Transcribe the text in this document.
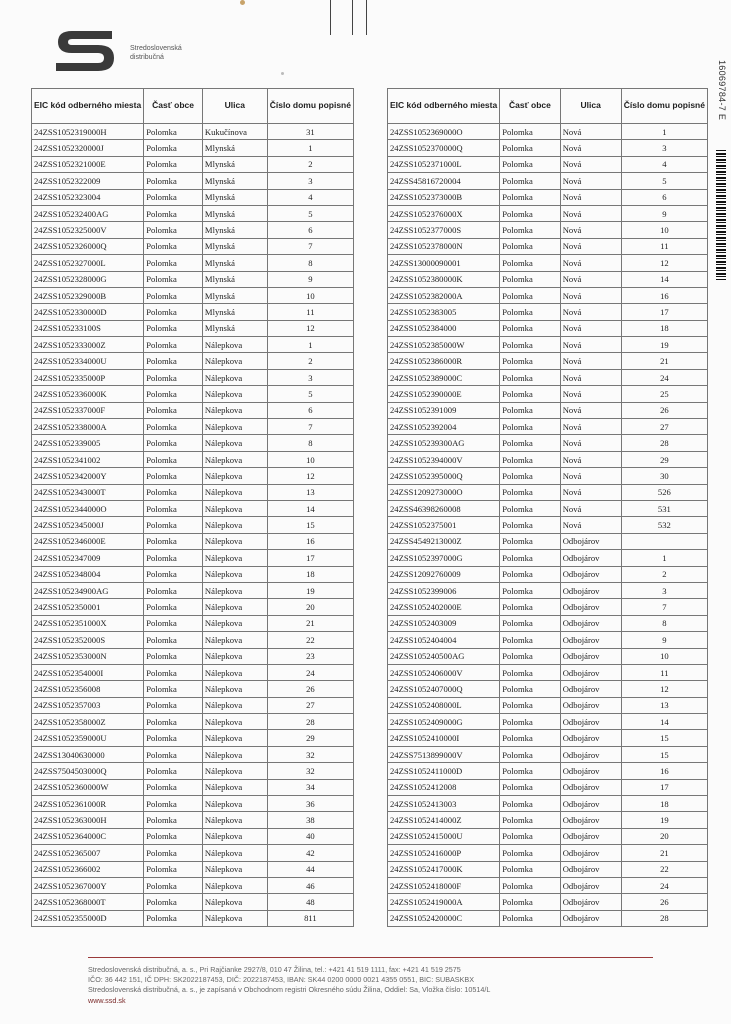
Stredoslovenská
distribučná
16069784-7 E
EIC kód odberného miesta	Časť obce	Ulica	Číslo domu popisné
24ZSS1052319000H	Polomka	Kukučínova	31
24ZSS1052320000J	Polomka	Mlynská	1
24ZSS1052321000E	Polomka	Mlynská	2
24ZSS1052322009	Polomka	Mlynská	3
24ZSS1052323004	Polomka	Mlynská	4
24ZSS105232400AG	Polomka	Mlynská	5
24ZSS1052325000V	Polomka	Mlynská	6
24ZSS1052326000Q	Polomka	Mlynská	7
24ZSS1052327000L	Polomka	Mlynská	8
24ZSS1052328000G	Polomka	Mlynská	9
24ZSS1052329000B	Polomka	Mlynská	10
24ZSS1052330000D	Polomka	Mlynská	11
24ZSS105233100S	Polomka	Mlynská	12
24ZSS1052333000Z	Polomka	Nálepkova	1
24ZSS1052334000U	Polomka	Nálepkova	2
24ZSS1052335000P	Polomka	Nálepkova	3
24ZSS1052336000K	Polomka	Nálepkova	5
24ZSS1052337000F	Polomka	Nálepkova	6
24ZSS1052338000A	Polomka	Nálepkova	7
24ZSS1052339005	Polomka	Nálepkova	8
24ZSS1052341002	Polomka	Nálepkova	10
24ZSS1052342000Y	Polomka	Nálepkova	12
24ZSS1052343000T	Polomka	Nálepkova	13
24ZSS1052344000O	Polomka	Nálepkova	14
24ZSS1052345000J	Polomka	Nálepkova	15
24ZSS1052346000E	Polomka	Nálepkova	16
24ZSS1052347009	Polomka	Nálepkova	17
24ZSS1052348004	Polomka	Nálepkova	18
24ZSS105234900AG	Polomka	Nálepkova	19
24ZSS1052350001	Polomka	Nálepkova	20
24ZSS1052351000X	Polomka	Nálepkova	21
24ZSS1052352000S	Polomka	Nálepkova	22
24ZSS1052353000N	Polomka	Nálepkova	23
24ZSS1052354000I	Polomka	Nálepkova	24
24ZSS1052356008	Polomka	Nálepkova	26
24ZSS1052357003	Polomka	Nálepkova	27
24ZSS1052358000Z	Polomka	Nálepkova	28
24ZSS1052359000U	Polomka	Nálepkova	29
24ZSS13040630000	Polomka	Nálepkova	32
24ZSS7504503000Q	Polomka	Nálepkova	32
24ZSS1052360000W	Polomka	Nálepkova	34
24ZSS1052361000R	Polomka	Nálepkova	36
24ZSS1052363000H	Polomka	Nálepkova	38
24ZSS1052364000C	Polomka	Nálepkova	40
24ZSS1052365007	Polomka	Nálepkova	42
24ZSS1052366002	Polomka	Nálepkova	44
24ZSS1052367000Y	Polomka	Nálepkova	46
24ZSS1052368000T	Polomka	Nálepkova	48
24ZSS1052355000D	Polomka	Nálepkova	811
EIC kód odberného miesta	Časť obce	Ulica	Číslo domu popisné
24ZSS1052369000O	Polomka	Nová	1
24ZSS1052370000Q	Polomka	Nová	3
24ZSS1052371000L	Polomka	Nová	4
24ZSS45816720004	Polomka	Nová	5
24ZSS1052373000B	Polomka	Nová	6
24ZSS1052376000X	Polomka	Nová	9
24ZSS1052377000S	Polomka	Nová	10
24ZSS1052378000N	Polomka	Nová	11
24ZSS13000090001	Polomka	Nová	12
24ZSS1052380000K	Polomka	Nová	14
24ZSS1052382000A	Polomka	Nová	16
24ZSS1052383005	Polomka	Nová	17
24ZSS1052384000	Polomka	Nová	18
24ZSS1052385000W	Polomka	Nová	19
24ZSS1052386000R	Polomka	Nová	21
24ZSS1052389000C	Polomka	Nová	24
24ZSS1052390000E	Polomka	Nová	25
24ZSS1052391009	Polomka	Nová	26
24ZSS1052392004	Polomka	Nová	27
24ZSS105239300AG	Polomka	Nová	28
24ZSS1052394000V	Polomka	Nová	29
24ZSS1052395000Q	Polomka	Nová	30
24ZSS1209273000O	Polomka	Nová	526
24ZSS46398260008	Polomka	Nová	531
24ZSS1052375001	Polomka	Nová	532
24ZSS4549213000Z	Polomka	Odbojárov	
24ZSS1052397000G	Polomka	Odbojárov	1
24ZSS12092760009	Polomka	Odbojárov	2
24ZSS1052399006	Polomka	Odbojárov	3
24ZSS1052402000E	Polomka	Odbojárov	7
24ZSS1052403009	Polomka	Odbojárov	8
24ZSS1052404004	Polomka	Odbojárov	9
24ZSS105240500AG	Polomka	Odbojárov	10
24ZSS1052406000V	Polomka	Odbojárov	11
24ZSS1052407000Q	Polomka	Odbojárov	12
24ZSS1052408000L	Polomka	Odbojárov	13
24ZSS1052409000G	Polomka	Odbojárov	14
24ZSS1052410000I	Polomka	Odbojárov	15
24ZSS7513899000V	Polomka	Odbojárov	15
24ZSS1052411000D	Polomka	Odbojárov	16
24ZSS1052412008	Polomka	Odbojárov	17
24ZSS1052413003	Polomka	Odbojárov	18
24ZSS1052414000Z	Polomka	Odbojárov	19
24ZSS1052415000U	Polomka	Odbojárov	20
24ZSS1052416000P	Polomka	Odbojárov	21
24ZSS1052417000K	Polomka	Odbojárov	22
24ZSS1052418000F	Polomka	Odbojárov	24
24ZSS1052419000A	Polomka	Odbojárov	26
24ZSS1052420000C	Polomka	Odbojárov	28
Stredoslovenská distribučná, a. s., Pri Rajčianke 2927/8, 010 47 Žilina, tel.: +421 41 519 1111, fax: +421 41 519 2575
IČO: 36 442 151, IČ DPH: SK2022187453, DIČ: 2022187453, IBAN: SK44 0200 0000 0021 4355 0551, BIC: SUBASKBX
Stredoslovenská distribučná, a. s., je zapísaná v Obchodnom registri Okresného súdu Žilina, Oddiel: Sa, Vložka číslo: 10514/L
www.ssd.sk
